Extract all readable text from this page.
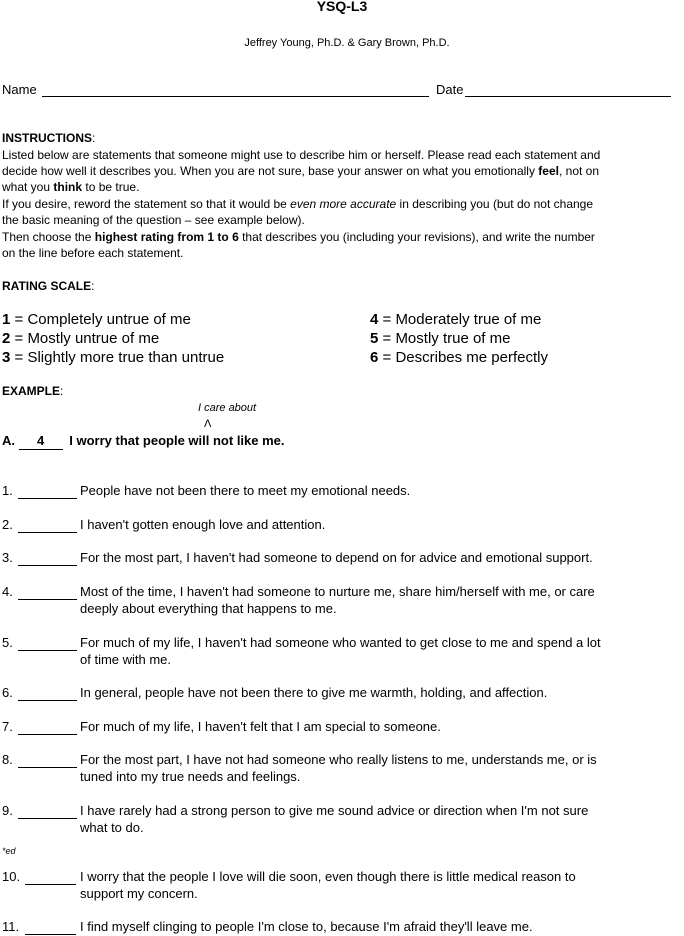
YSQ-L3
Jeffrey Young, Ph.D. & Gary Brown, Ph.D.
Name	Date
INSTRUCTIONS:
Listed below are statements that someone might use to describe him or herself. Please read each statement and
decide how well it describes you. When you are not sure, base your answer on what you emotionally feel, not on
what you think to be true.
If you desire, reword the statement so that it would be even more accurate in describing you (but do not change
the basic meaning of the question – see example below).
Then choose the highest rating from 1 to 6 that describes you (including your revisions), and write the number
on the line before each statement.
RATING SCALE:
1 = Completely untrue of me
2 = Mostly untrue of me
3 = Slightly more true than untrue
4 = Moderately true of me
5 = Mostly true of me
6 = Describes me perfectly
EXAMPLE:
I care about
Λ
A. 4 I worry that people will not like me.
1.	People have not been there to meet my emotional needs.
2.	I haven't gotten enough love and attention.
3.	For the most part, I haven't had someone to depend on for advice and emotional support.
4.	Most of the time, I haven't had someone to nurture me, share him/herself with me, or care
deeply about everything that happens to me.
5.	For much of my life, I haven't had someone who wanted to get close to me and spend a lot
of time with me.
6.	In general, people have not been there to give me warmth, holding, and affection.
7.	For much of my life, I haven't felt that I am special to someone.
8.	For the most part, I have not had someone who really listens to me, understands me, or is
tuned into my true needs and feelings.
9.	I have rarely had a strong person to give me sound advice or direction when I'm not sure
what to do.
*ed
10.	I worry that the people I love will die soon, even though there is little medical reason to
support my concern.
11.	I find myself clinging to people I'm close to, because I'm afraid they'll leave me.
